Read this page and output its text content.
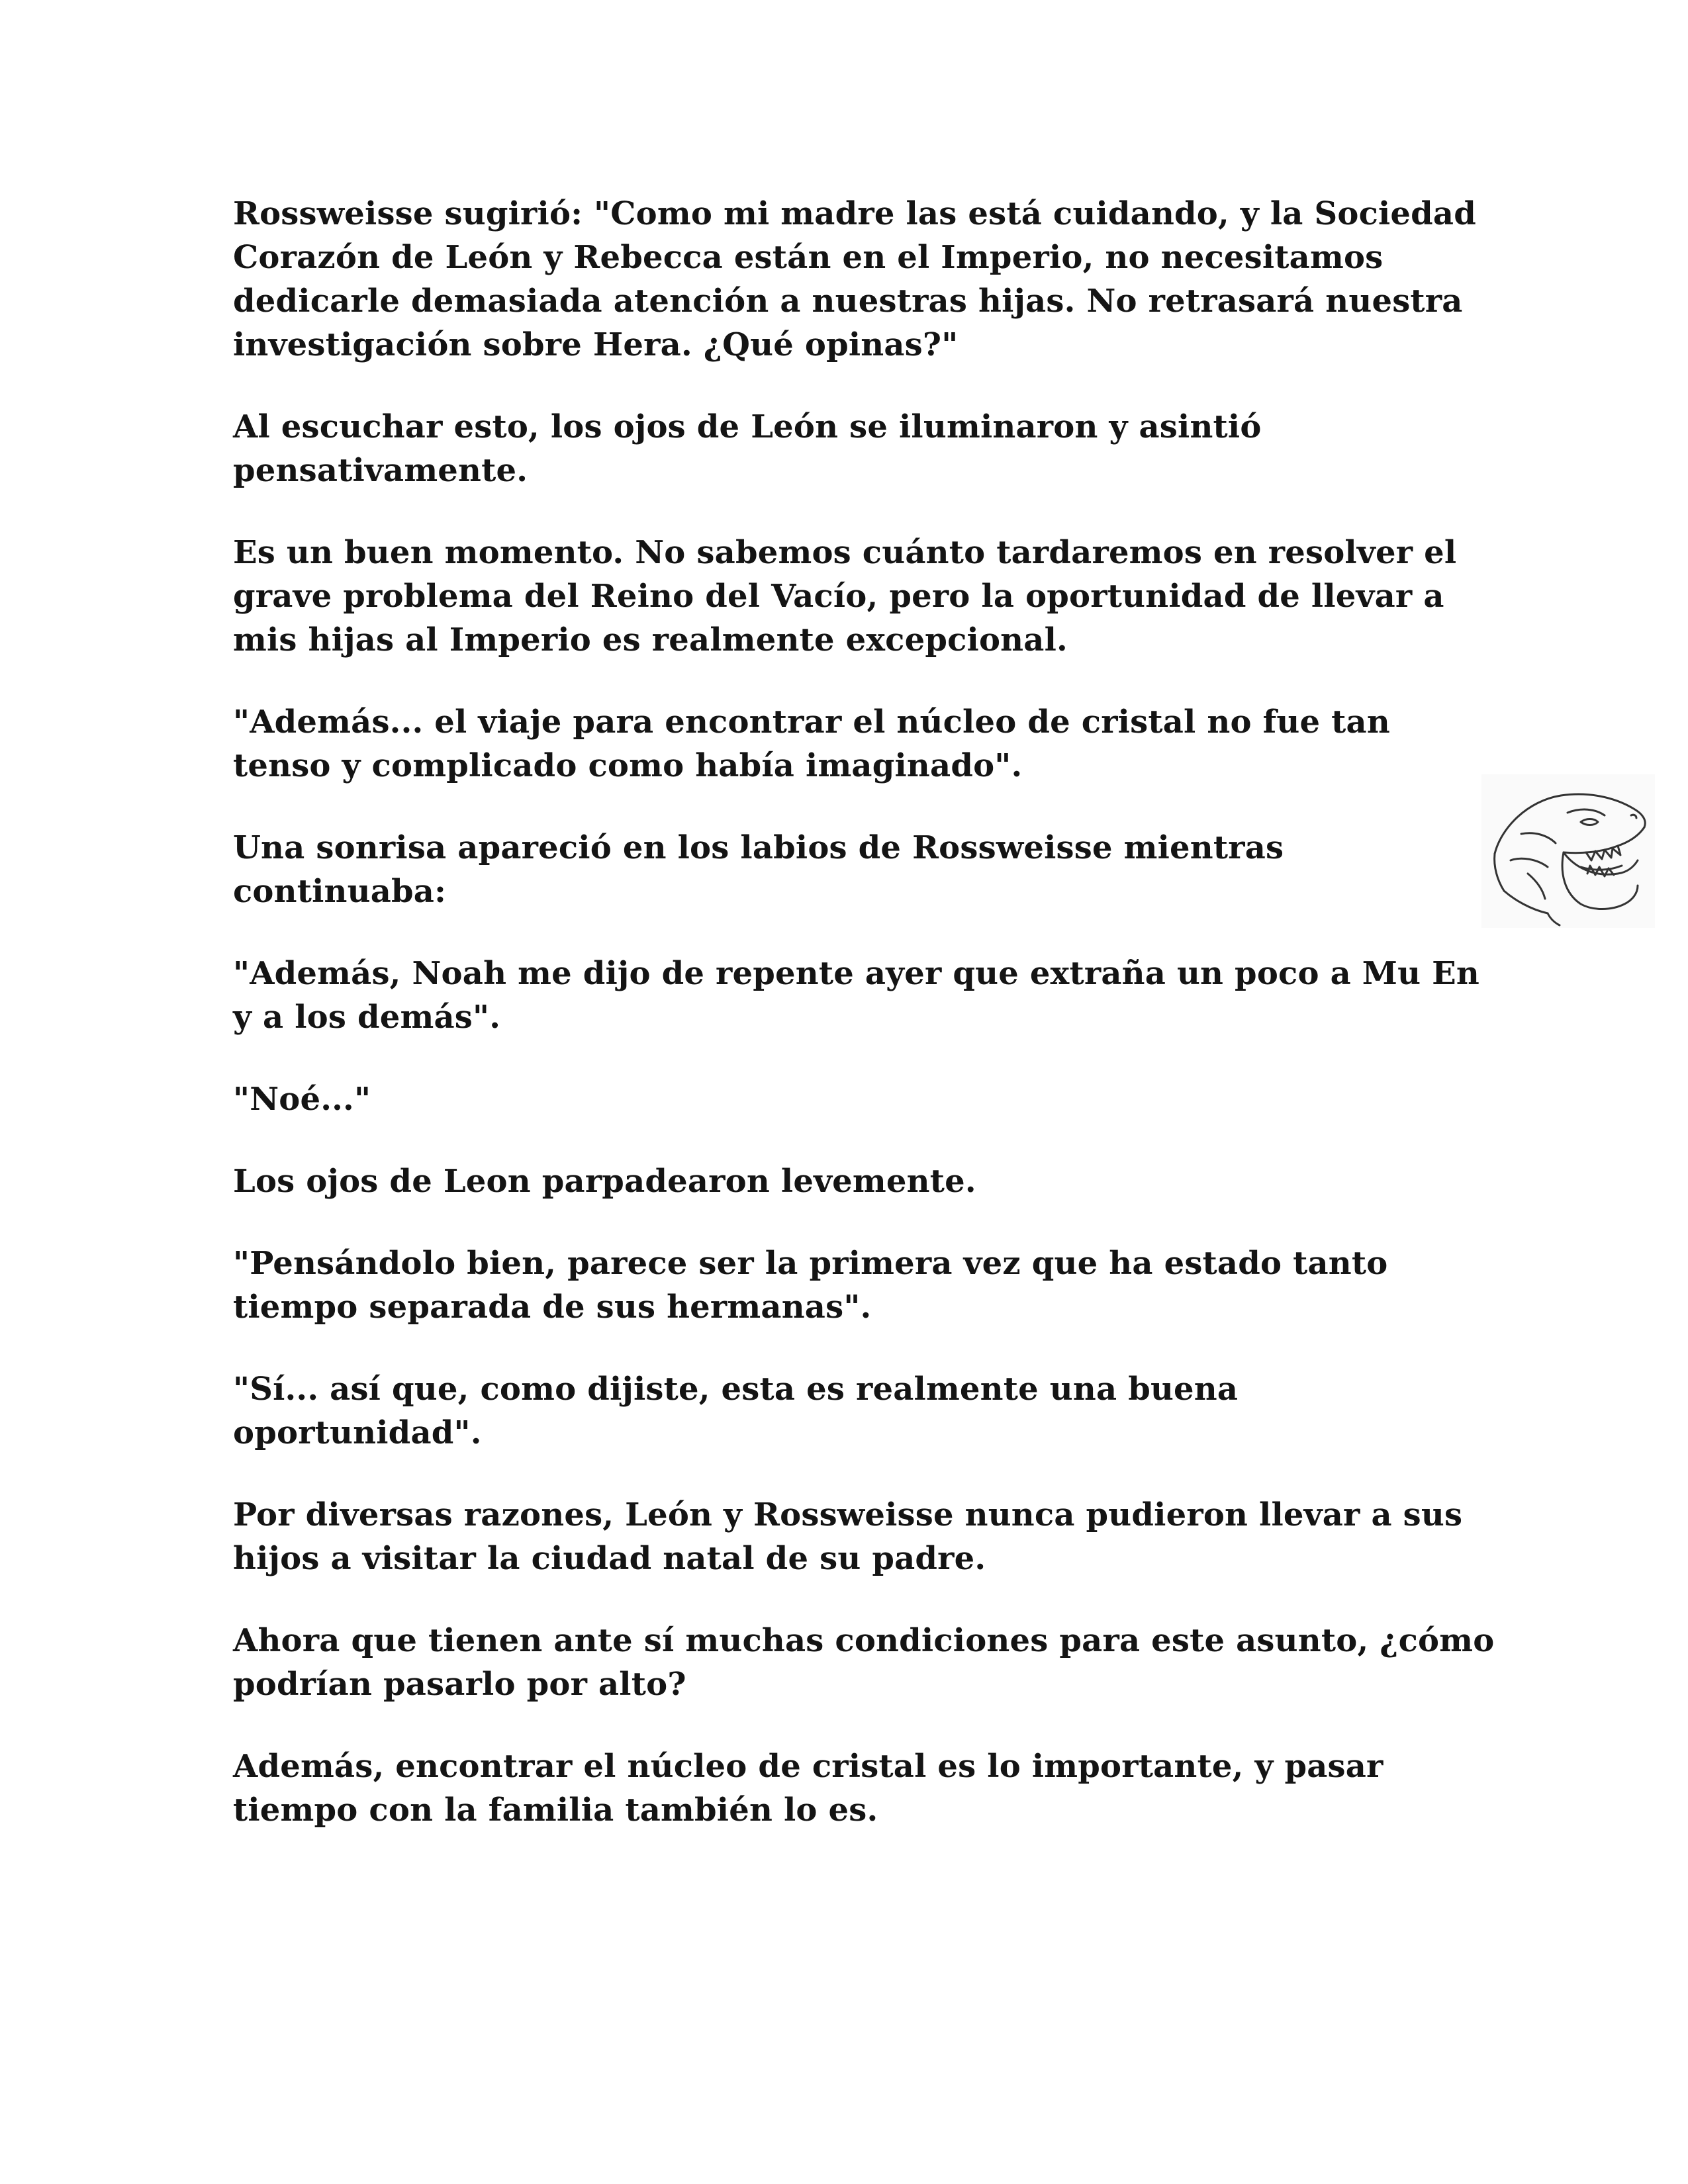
Rossweisse sugirió: "Como mi madre las está cuidando, y la Sociedad Corazón de León y Rebecca están en el Imperio, no necesitamos dedicarle demasiada atención a nuestras hijas. No retrasará nuestra investigación sobre Hera. ¿Qué opinas?"

Al escuchar esto, los ojos de León se iluminaron y asintió pensativamente.

Es un buen momento. No sabemos cuánto tardaremos en resolver el grave problema del Reino del Vacío, pero la oportunidad de llevar a mis hijas al Imperio es realmente excepcional.

"Además... el viaje para encontrar el núcleo de cristal no fue tan tenso y complicado como había imaginado".

Una sonrisa apareció en los labios de Rossweisse mientras continuaba:

"Además, Noah me dijo de repente ayer que extraña un poco a Mu En y a los demás".

"Noé..."

Los ojos de Leon parpadearon levemente.

"Pensándolo bien, parece ser la primera vez que ha estado tanto tiempo separada de sus hermanas".

"Sí... así que, como dijiste, esta es realmente una buena oportunidad".

Por diversas razones, León y Rossweisse nunca pudieron llevar a sus hijos a visitar la ciudad natal de su padre.

Ahora que tienen ante sí muchas condiciones para este asunto, ¿cómo podrían pasarlo por alto?

Además, encontrar el núcleo de cristal es lo importante, y pasar tiempo con la familia también lo es.
